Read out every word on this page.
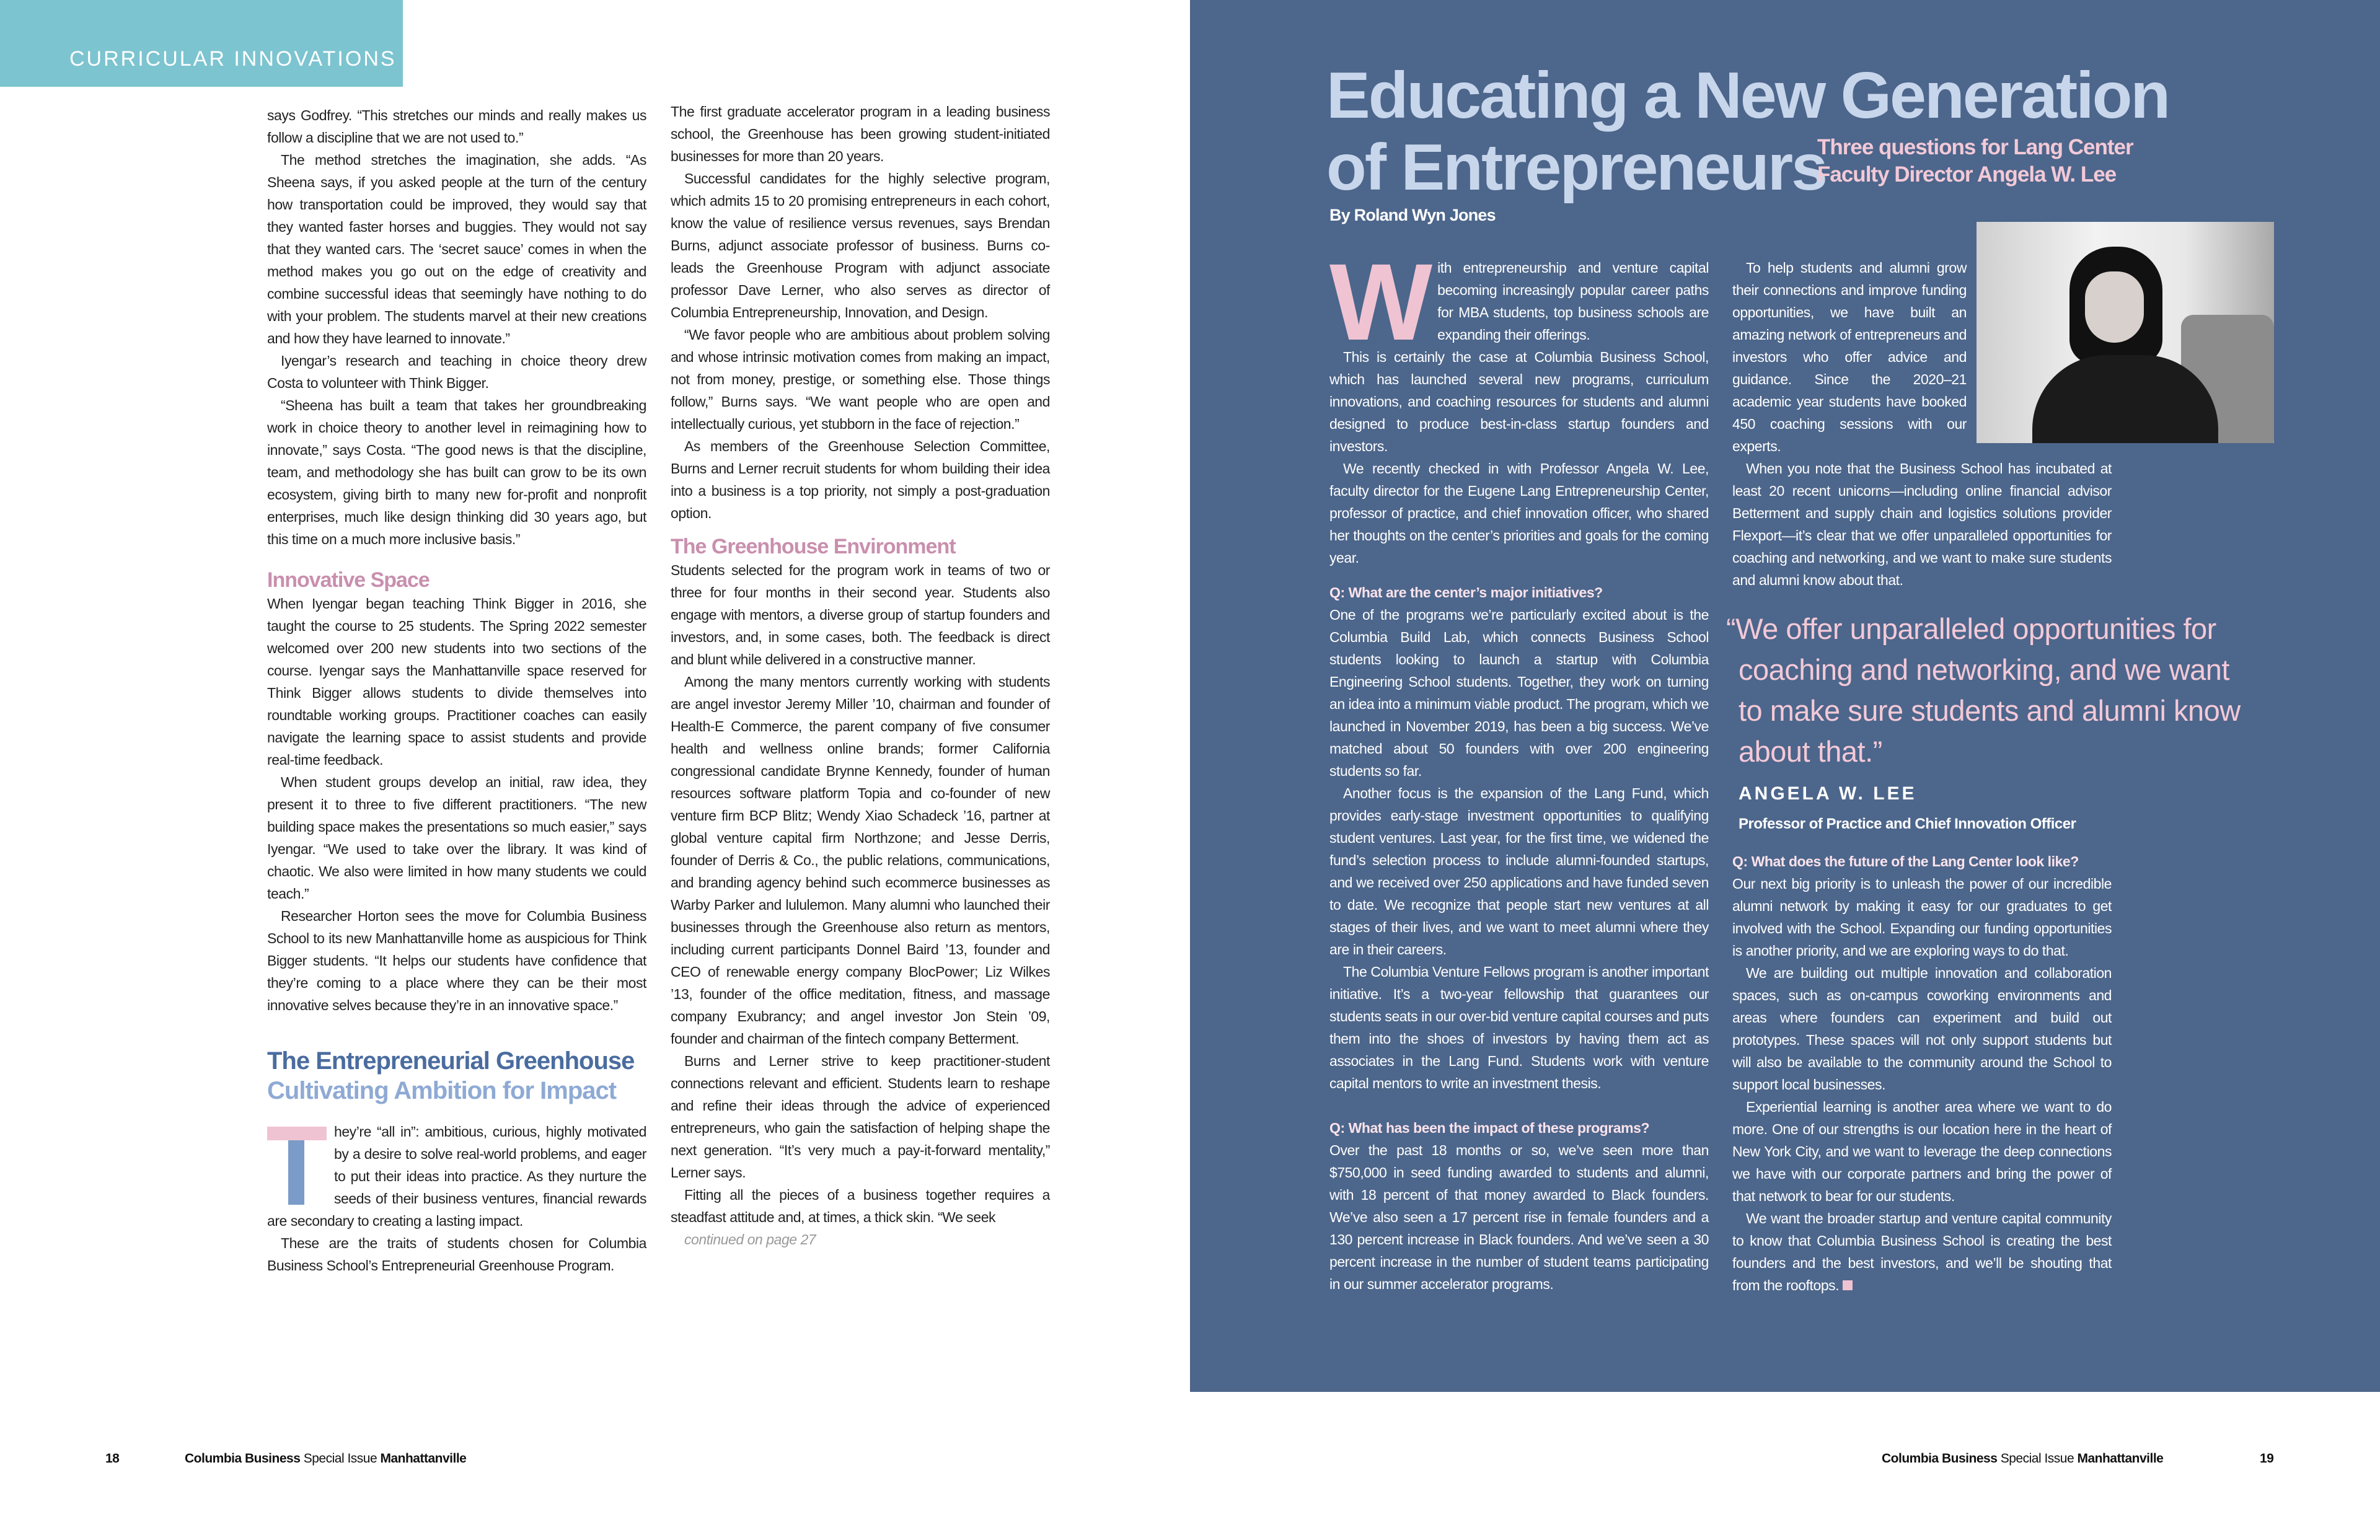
CURRICULAR INNOVATIONS

says Godfrey. “This stretches our minds and really makes us follow a discipline that we are not used to.”

The method stretches the imagination, she adds. “As Sheena says, if you asked people at the turn of the century how transportation could be improved, they would say that they wanted faster horses and buggies. They would not say that they wanted cars. The ‘secret sauce’ comes in when the method makes you go out on the edge of creativity and combine successful ideas that seemingly have nothing to do with your problem. The students marvel at their new creations and how they have learned to innovate.”

Iyengar’s research and teaching in choice theory drew Costa to volunteer with Think Bigger.

“Sheena has built a team that takes her groundbreaking work in choice theory to another level in reimagining how to innovate,” says Costa. “The good news is that the discipline, team, and methodology she has built can grow to be its own ecosystem, giving birth to many new for-profit and nonprofit enterprises, much like design thinking did 30 years ago, but this time on a much more inclusive basis.”

Innovative Space

When Iyengar began teaching Think Bigger in 2016, she taught the course to 25 students. The Spring 2022 semester welcomed over 200 new students into two sections of the course. Iyengar says the Manhattanville space reserved for Think Bigger allows students to divide themselves into roundtable working groups. Practitioner coaches can easily navigate the learning space to assist students and provide real-time feedback.

When student groups develop an initial, raw idea, they present it to three to five different practitioners. “The new building space makes the presentations so much easier,” says Iyengar. “We used to take over the library. It was kind of chaotic. We also were limited in how many students we could teach.”

Researcher Horton sees the move for Columbia Business School to its new Manhattanville home as auspicious for Think Bigger students. “It helps our students have confidence that they’re coming to a place where they can be their most innovative selves because they’re in an innovative space.”

The Entrepreneurial Greenhouse
Cultivating Ambition for Impact

hey’re “all in”: ambitious, curious, highly motivated by a desire to solve real-world problems, and eager to put their ideas into practice. As they nurture the seeds of their business ventures, financial rewards are secondary to creating a lasting impact.

These are the traits of students chosen for Columbia Business School’s Entrepreneurial Greenhouse Program.

The first graduate accelerator program in a leading business school, the Greenhouse has been growing student-initiated businesses for more than 20 years.

Successful candidates for the highly selective program, which admits 15 to 20 promising entrepreneurs in each cohort, know the value of resilience versus revenues, says Brendan Burns, adjunct associate professor of business. Burns co-leads the Greenhouse Program with adjunct associate professor Dave Lerner, who also serves as director of Columbia Entrepreneurship, Innovation, and Design.

“We favor people who are ambitious about problem solving and whose intrinsic motivation comes from making an impact, not from money, prestige, or something else. Those things follow,” Burns says. “We want people who are open and intellectually curious, yet stubborn in the face of rejection.”

As members of the Greenhouse Selection Committee, Burns and Lerner recruit students for whom building their idea into a business is a top priority, not simply a post-graduation option.

The Greenhouse Environment

Students selected for the program work in teams of two or three for four months in their second year. Students also engage with mentors, a diverse group of startup founders and investors, and, in some cases, both. The feedback is direct and blunt while delivered in a constructive manner.

Among the many mentors currently working with students are angel investor Jeremy Miller ’10, chairman and founder of Health-E Commerce, the parent company of five consumer health and wellness online brands; former California congressional candidate Brynne Kennedy, founder of human resources software platform Topia and co-founder of new venture firm BCP Blitz; Wendy Xiao Schadeck ’16, partner at global venture capital firm Northzone; and Jesse Derris, founder of Derris & Co., the public relations, communications, and branding agency behind such ecommerce businesses as Warby Parker and lululemon. Many alumni who launched their businesses through the Greenhouse also return as mentors, including current participants Donnel Baird ’13, founder and CEO of renewable energy company BlocPower; Liz Wilkes ’13, founder of the office meditation, fitness, and massage company Exubrancy; and angel investor Jon Stein ’09, founder and chairman of the fintech company Betterment.

Burns and Lerner strive to keep practitioner-student connections relevant and efficient. Students learn to reshape and refine their ideas through the advice of experienced entrepreneurs, who gain the satisfaction of helping shape the next generation. “It’s very much a pay-it-forward mentality,” Lerner says.

Fitting all the pieces of a business together requires a steadfast attitude and, at times, a thick skin. “We seek

continued on page 27

Educating a New Generation
of Entrepreneurs
Three questions for Lang Center
Faculty Director Angela W. Lee
By Roland Wyn Jones
W ith entrepreneurship and venture capital becoming increasingly popular career paths for MBA students, top business schools are expanding their offerings.

This is certainly the case at Columbia Business School, which has launched several new programs, curriculum innovations, and coaching resources for students and alumni designed to produce best-in-class startup founders and investors.

We recently checked in with Professor Angela W. Lee, faculty director for the Eugene Lang Entrepreneurship Center, professor of practice, and chief innovation officer, who shared her thoughts on the center’s priorities and goals for the coming year.

Q: What are the center’s major initiatives?

One of the programs we’re particularly excited about is the Columbia Build Lab, which connects Business School students looking to launch a startup with Columbia Engineering School students. Together, they work on turning an idea into a minimum viable product. The program, which we launched in November 2019, has been a big success. We’ve matched about 50 founders with over 200 engineering students so far.

Another focus is the expansion of the Lang Fund, which provides early-stage investment opportunities to qualifying student ventures. Last year, for the first time, we widened the fund’s selection process to include alumni-founded startups, and we received over 250 applications and have funded seven to date. We recognize that people start new ventures at all stages of their lives, and we want to meet alumni where they are in their careers.

The Columbia Venture Fellows program is another important initiative. It’s a two-year fellowship that guarantees our students seats in our over-bid venture capital courses and puts them into the shoes of investors by having them act as associates in the Lang Fund. Students work with venture capital mentors to write an investment thesis.

Q: What has been the impact of these programs?

Over the past 18 months or so, we’ve seen more than $750,000 in seed funding awarded to students and alumni, with 18 percent of that money awarded to Black founders. We’ve also seen a 17 percent rise in female founders and a 130 percent increase in Black founders. And we’ve seen a 30 percent increase in the number of student teams participating in our summer accelerator programs.

To help students and alumni grow their connections and improve funding opportunities, we have built an amazing network of entrepreneurs and investors who offer advice and guidance. Since the 2020–21 academic year students have booked 450 coaching sessions with our experts.

When you note that the Business School has incubated at least 20 recent unicorns—including online financial advisor Betterment and supply chain and logistics solutions provider Flexport—it’s clear that we offer unparalleled opportunities for coaching and networking, and we want to make sure students and alumni know about that.

“We offer unparalleled opportunities for coaching and networking, and we want to make sure students and alumni know about that.”
ANGELA W. LEE
Professor of Practice and Chief Innovation Officer

Q: What does the future of the Lang Center look like?

Our next big priority is to unleash the power of our incredible alumni network by making it easy for our graduates to get involved with the School. Expanding our funding opportunities is another priority, and we are exploring ways to do that.

We are building out multiple innovation and collaboration spaces, such as on-campus coworking environments and areas where founders can experiment and build out prototypes. These spaces will not only support students but will also be available to the community around the School to support local businesses.

Experiential learning is another area where we want to do more. One of our strengths is our location here in the heart of New York City, and we want to leverage the deep connections we have with our corporate partners and bring the power of that network to bear for our students.

We want the broader startup and venture capital community to know that Columbia Business School is creating the best founders and the best investors, and we’ll be shouting that from the rooftops.

18	Columbia Business Special Issue Manhattanville	Columbia Business Special Issue Manhattanville	19
